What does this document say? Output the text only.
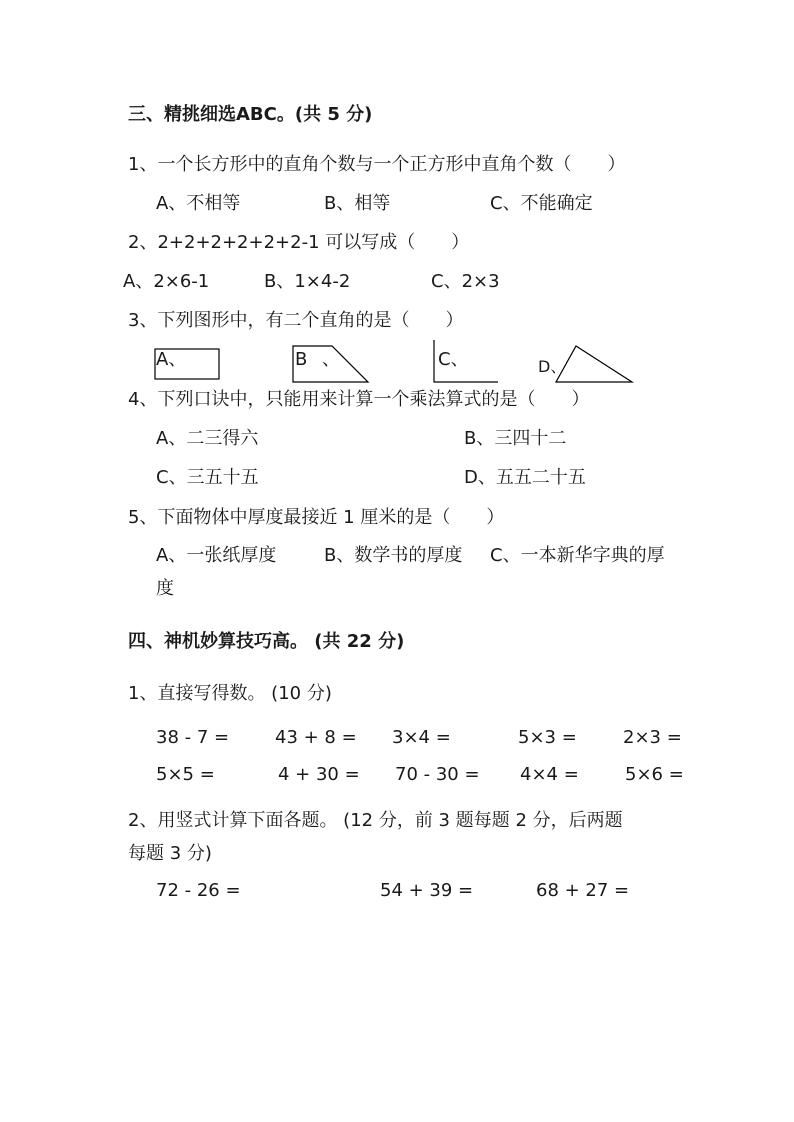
三、精挑细选ABC。(共 5 分)
1、一个长方形中的直角个数与一个正方形中直角个数（　　）
A、不相等	B、相等	C、不能确定
2、2+2+2+2+2+2-1 可以写成（　　）
A、2×6-1	B、1×4-2	C、2×3
3、下列图形中，有二个直角的是（　　）
A、	B 、	C、	D、
4、下列口诀中，只能用来计算一个乘法算式的是（　　）
A、二三得六	B、三四十二
C、三五十五	D、五五二十五
5、下面物体中厚度最接近 1 厘米的是（　　）
A、一张纸厚度	B、数学书的厚度 C、一本新华字典的厚
度
四、神机妙算技巧高。 (共 22 分)
1、直接写得数。 (10 分)
38 - 7 =	43 + 8 = 3×4 =	5×3 =	2×3 =
5×5 =	4 + 30 = 70 - 30 = 4×4 =	5×6 =
2、用竖式计算下面各题。 (12 分，前 3 题每题 2 分，后两题
每题 3 分)
72 - 26 =	54 + 39 =	68 + 27 =
